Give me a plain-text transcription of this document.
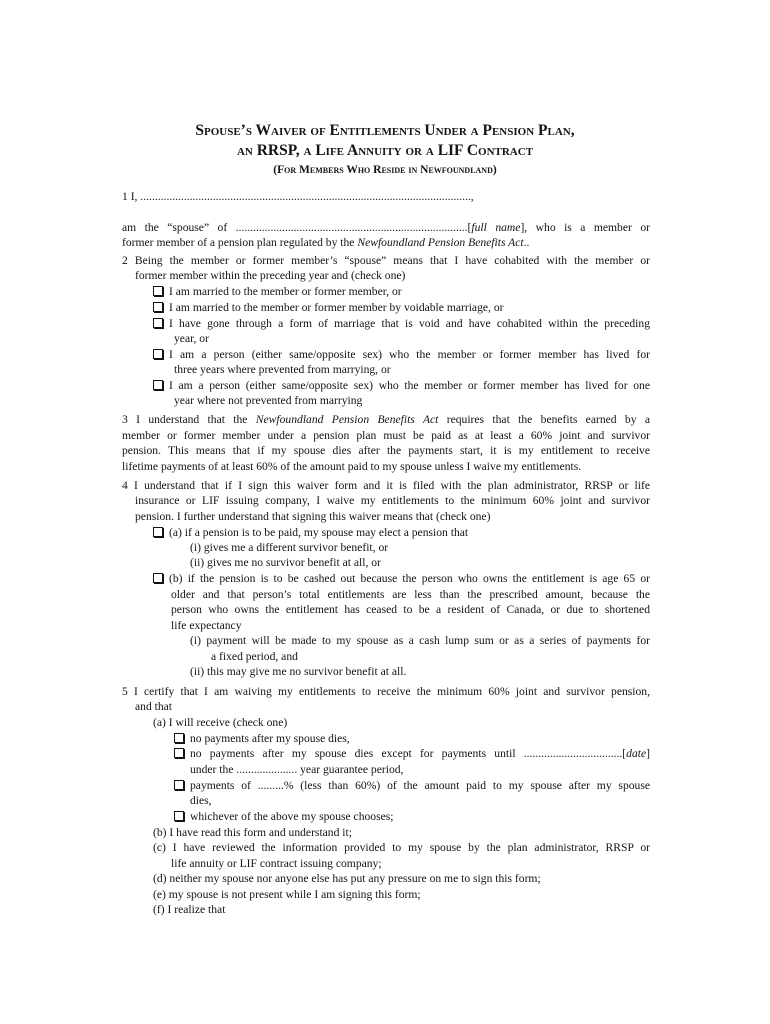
Spouse’s Waiver of Entitlements Under a Pension Plan,
an RRSP, a Life Annuity or a LIF Contract
(For Members Who Reside in Newfoundland)
1 I, ..................................................................................................................,
am the “spouse” of ................................................................................[full name], who is a member or
former member of a pension plan regulated by the Newfoundland Pension Benefits Act..
2 Being the member or former member’s “spouse” means that I have cohabited with the member or
former member within the preceding year and (check one)
I am married to the member or former member, or
I am married to the member or former member by voidable marriage, or
I have gone through a form of marriage that is void and have cohabited within the preceding
year, or
I am a person (either same/opposite sex) who the member or former member has lived for
three years where prevented from marrying, or
I am a person (either same/opposite sex) who the member or former member has lived for one
year where not prevented from marrying
3 I understand that the Newfoundland Pension Benefits Act requires that the benefits earned by a
member or former member under a pension plan must be paid as at least a 60% joint and survivor
pension. This means that if my spouse dies after the payments start, it is my entitlement to receive
lifetime payments of at least 60% of the amount paid to my spouse unless I waive my entitlements.
4 I understand that if I sign this waiver form and it is filed with the plan administrator, RRSP or life
insurance or LIF issuing company, I waive my entitlements to the minimum 60% joint and survivor
pension. I further understand that signing this waiver means that (check one)
(a) if a pension is to be paid, my spouse may elect a pension that
(i) gives me a different survivor benefit, or
(ii) gives me no survivor benefit at all, or
(b) if the pension is to be cashed out because the person who owns the entitlement is age 65 or
older and that person’s total entitlements are less than the prescribed amount, because the
person who owns the entitlement has ceased to be a resident of Canada, or due to shortened
life expectancy
(i) payment will be made to my spouse as a cash lump sum or as a series of payments for
a fixed period, and
(ii) this may give me no survivor benefit at all.
5 I certify that I am waiving my entitlements to receive the minimum 60% joint and survivor pension,
and that
(a) I will receive (check one)
no payments after my spouse dies,
no payments after my spouse dies except for payments until ..................................[date]
under the ..................... year guarantee period,
payments of .........% (less than 60%) of the amount paid to my spouse after my spouse
dies,
whichever of the above my spouse chooses;
(b) I have read this form and understand it;
(c) I have reviewed the information provided to my spouse by the plan administrator, RRSP or
life annuity or LIF contract issuing company;
(d) neither my spouse nor anyone else has put any pressure on me to sign this form;
(e) my spouse is not present while I am signing this form;
(f) I realize that
